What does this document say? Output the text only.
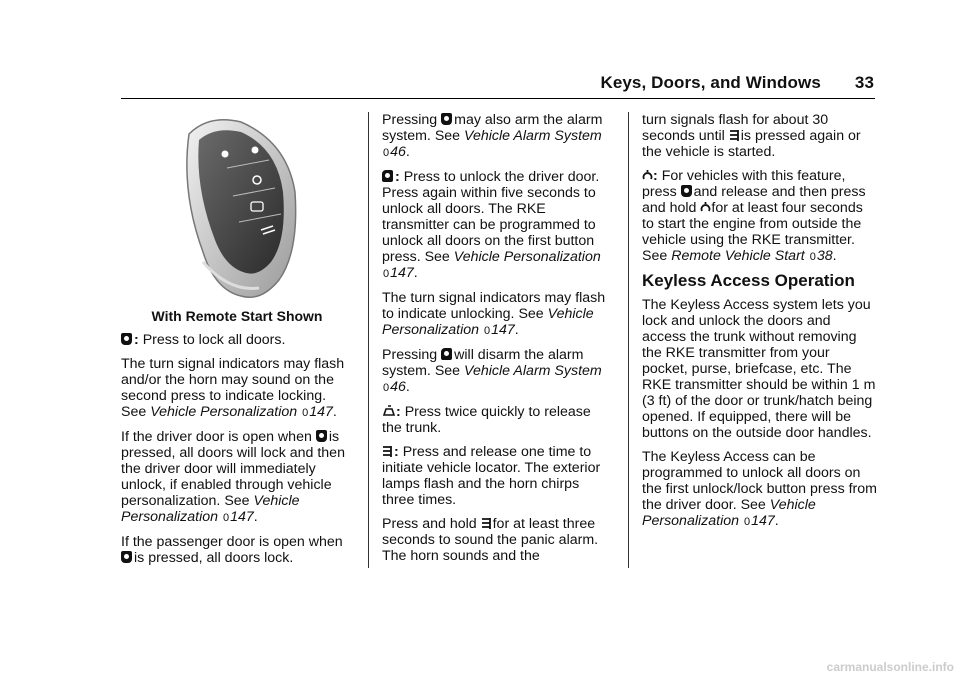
Keys, Doors, and Windows 33

With Remote Start Shown

: Press to lock all doors.

The turn signal indicators may flash and/or the horn may sound on the second press to indicate locking. See Vehicle Personalization 0147.

If the driver door is open when is pressed, all doors will lock and then the driver door will immediately unlock, if enabled through vehicle personalization. See Vehicle Personalization 0147.

If the passenger door is open when is pressed, all doors lock.

Pressing may also arm the alarm system. See Vehicle Alarm System 046.

: Press to unlock the driver door. Press again within five seconds to unlock all doors. The RKE transmitter can be programmed to unlock all doors on the first button press. See Vehicle Personalization 0147.

The turn signal indicators may flash to indicate unlocking. See Vehicle Personalization 0147.

Pressing will disarm the alarm system. See Vehicle Alarm System 046.

: Press twice quickly to release the trunk.

: Press and release one time to initiate vehicle locator. The exterior lamps flash and the horn chirps three times.

Press and hold for at least three seconds to sound the panic alarm. The horn sounds and the

turn signals flash for about 30 seconds until is pressed again or the vehicle is started.

: For vehicles with this feature, press and release and then press and hold for at least four seconds to start the engine from outside the vehicle using the RKE transmitter. See Remote Vehicle Start 038.

Keyless Access Operation

The Keyless Access system lets you lock and unlock the doors and access the trunk without removing the RKE transmitter from your pocket, purse, briefcase, etc. The RKE transmitter should be within 1 m (3 ft) of the door or trunk/hatch being opened. If equipped, there will be buttons on the outside door handles.

The Keyless Access can be programmed to unlock all doors on the first unlock/lock button press from the driver door. See Vehicle Personalization 0147.

carmanualsonline.info
